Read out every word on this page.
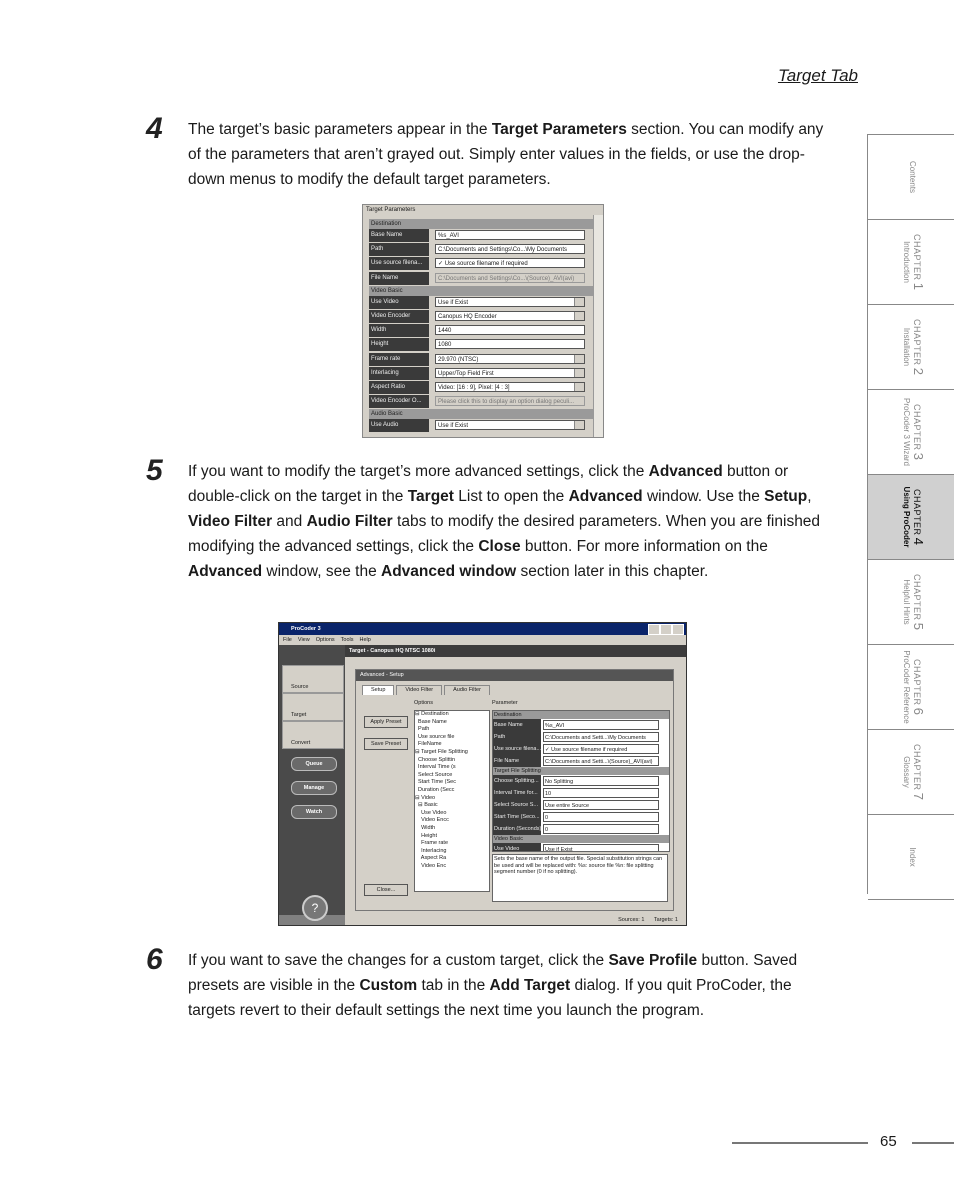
Target Tab
4 The target’s basic parameters appear in the Target Parameters section. You can modify any of the parameters that aren’t grayed out. Simply enter values in the fields, or use the drop-down menus to modify the default target parameters.
5 If you want to modify the target’s more advanced settings, click the Advanced button or double-click on the target in the Target List to open the Advanced window. Use the Setup, Video Filter and Audio Filter tabs to modify the desired parameters. When you are finished modifying the advanced settings, click the Close button. For more information on the Advanced window, see the Advanced window section later in this chapter.
6 If you want to save the changes for a custom target, click the Save Profile button. Saved presets are visible in the Custom tab in the Add Target dialog. If you quit ProCoder, the targets revert to their default settings the next time you launch the program.
Target Parameters
Destination
Base Name	%s_AVI
Path	C:\Documents and Settings\Co...\My Documents
Use source filena...	✓ Use source filename if required
File Name	C:\Documents and Settings\Co...\(Source)_AVI(avi)
Video Basic
Use Video	Use if Exist
Video Encoder	Canopus HQ Encoder
Width	1440
Height	1080
Frame rate	29.970 (NTSC)
Interlacing	Upper/Top Field First
Aspect Ratio	Video: [16 : 9], Pixel: [4 : 3]
Video Encoder O...	Please click this to display an option dialog peculi...
Audio Basic
Use Audio	Use if Exist
ProCoder 3
File View Options Tools Help
Source
Target
Convert
Queue
Manage
Watch
?
Target - Canopus HQ NTSC 1080i
Advanced - Setup
Setup	Video Filter	Audio Filter
Options	Parameter
Apply Preset
Save Preset
Close...
⊟ Destination
Base Name
Path
Use source file
FileName
⊟ Target File Splitting
Choose Splittin
Interval Time (s
Select Source
Start Time (Sec
Duration (Secc
⊟ Video
⊟ Basic
Use Video
Video Encc
Width
Height
Frame rate
Interlacing
Aspect Ra
Video Enc
Destination
Base Name	%s_AVI
Path	C:\Documents and Setti...\My Documents
Use source filena... ✓ Use source filename if required
File Name	C:\Documents and Setti...\(Source)_AVI(avi)
Target File Splitting
Choose Splitting...	No Splitting
Interval Time for...	10
Select Source S...	Use entire Source
Start Time (Seco... 0
Duration (Seconds) 0
Video Basic
Use Video	Use if Exist
Sets the base name of the output file. Special substitution strings can be used and will be replaced with: %s: source file %n: file splitting segment number (0 if no splitting).
Sources: 1 Targets: 1
Contents
CHAPTER 1
Introduction
CHAPTER 2
Installation
CHAPTER 3
ProCoder 3 Wizard
CHAPTER 4
Using ProCoder
CHAPTER 5
Helpful Hints
CHAPTER 6
ProCoder Reference
CHAPTER 7
Glossary
Index
65
